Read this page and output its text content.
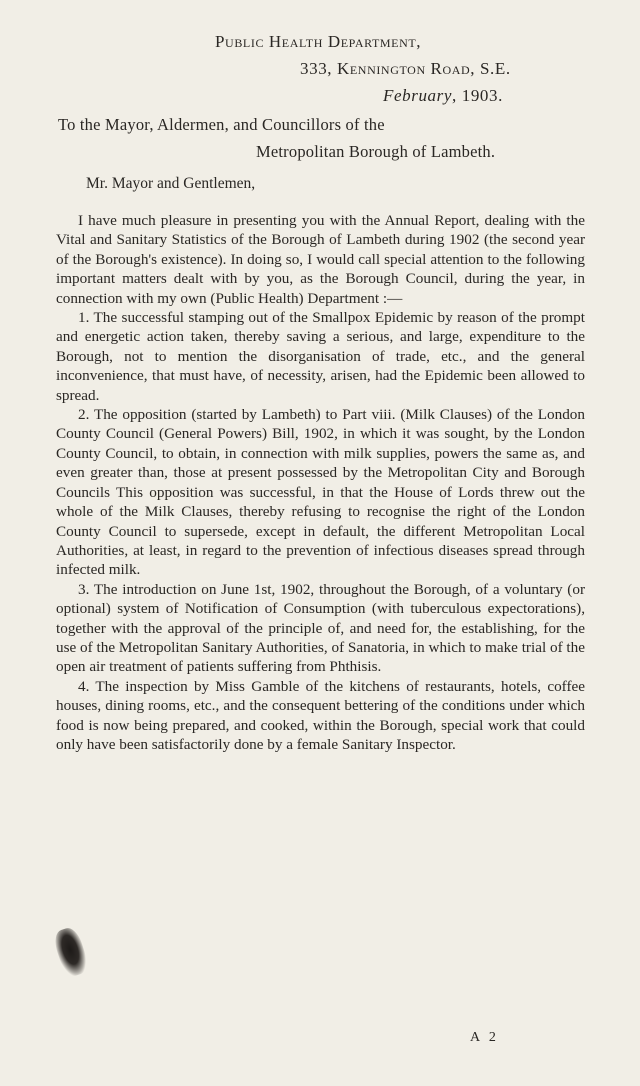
Public Health Department,
333, Kennington Road, S.E.
February, 1903.
To the Mayor, Aldermen, and Councillors of the
Metropolitan Borough of Lambeth.
Mr. Mayor and Gentlemen,

I have much pleasure in presenting you with the Annual Report, dealing with the Vital and Sanitary Statistics of the Borough of Lambeth during 1902 (the second year of the Borough's existence). In doing so, I would call special attention to the following important matters dealt with by you, as the Borough Council, during the year, in connection with my own (Public Health) Department :—

1. The successful stamping out of the Smallpox Epidemic by reason of the prompt and energetic action taken, thereby saving a serious, and large, expenditure to the Borough, not to mention the disorganisation of trade, etc., and the general inconvenience, that must have, of necessity, arisen, had the Epidemic been allowed to spread.

2. The opposition (started by Lambeth) to Part viii. (Milk Clauses) of the London County Council (General Powers) Bill, 1902, in which it was sought, by the London County Council, to obtain, in connection with milk supplies, powers the same as, and even greater than, those at present possessed by the Metropolitan City and Borough Councils This opposition was successful, in that the House of Lords threw out the whole of the Milk Clauses, thereby refusing to recognise the right of the London County Council to supersede, except in default, the different Metropolitan Local Authorities, at least, in regard to the prevention of infectious diseases spread through infected milk.

3. The introduction on June 1st, 1902, throughout the Borough, of a voluntary (or optional) system of Notification of Consumption (with tuberculous expectorations), together with the approval of the principle of, and need for, the establishing, for the use of the Metropolitan Sanitary Authorities, of Sanatoria, in which to make trial of the open air treatment of patients suffering from Phthisis.

4. The inspection by Miss Gamble of the kitchens of restaurants, hotels, coffee houses, dining rooms, etc., and the consequent bettering of the conditions under which food is now being prepared, and cooked, within the Borough, special work that could only have been satisfactorily done by a female Sanitary Inspector.

A 2
